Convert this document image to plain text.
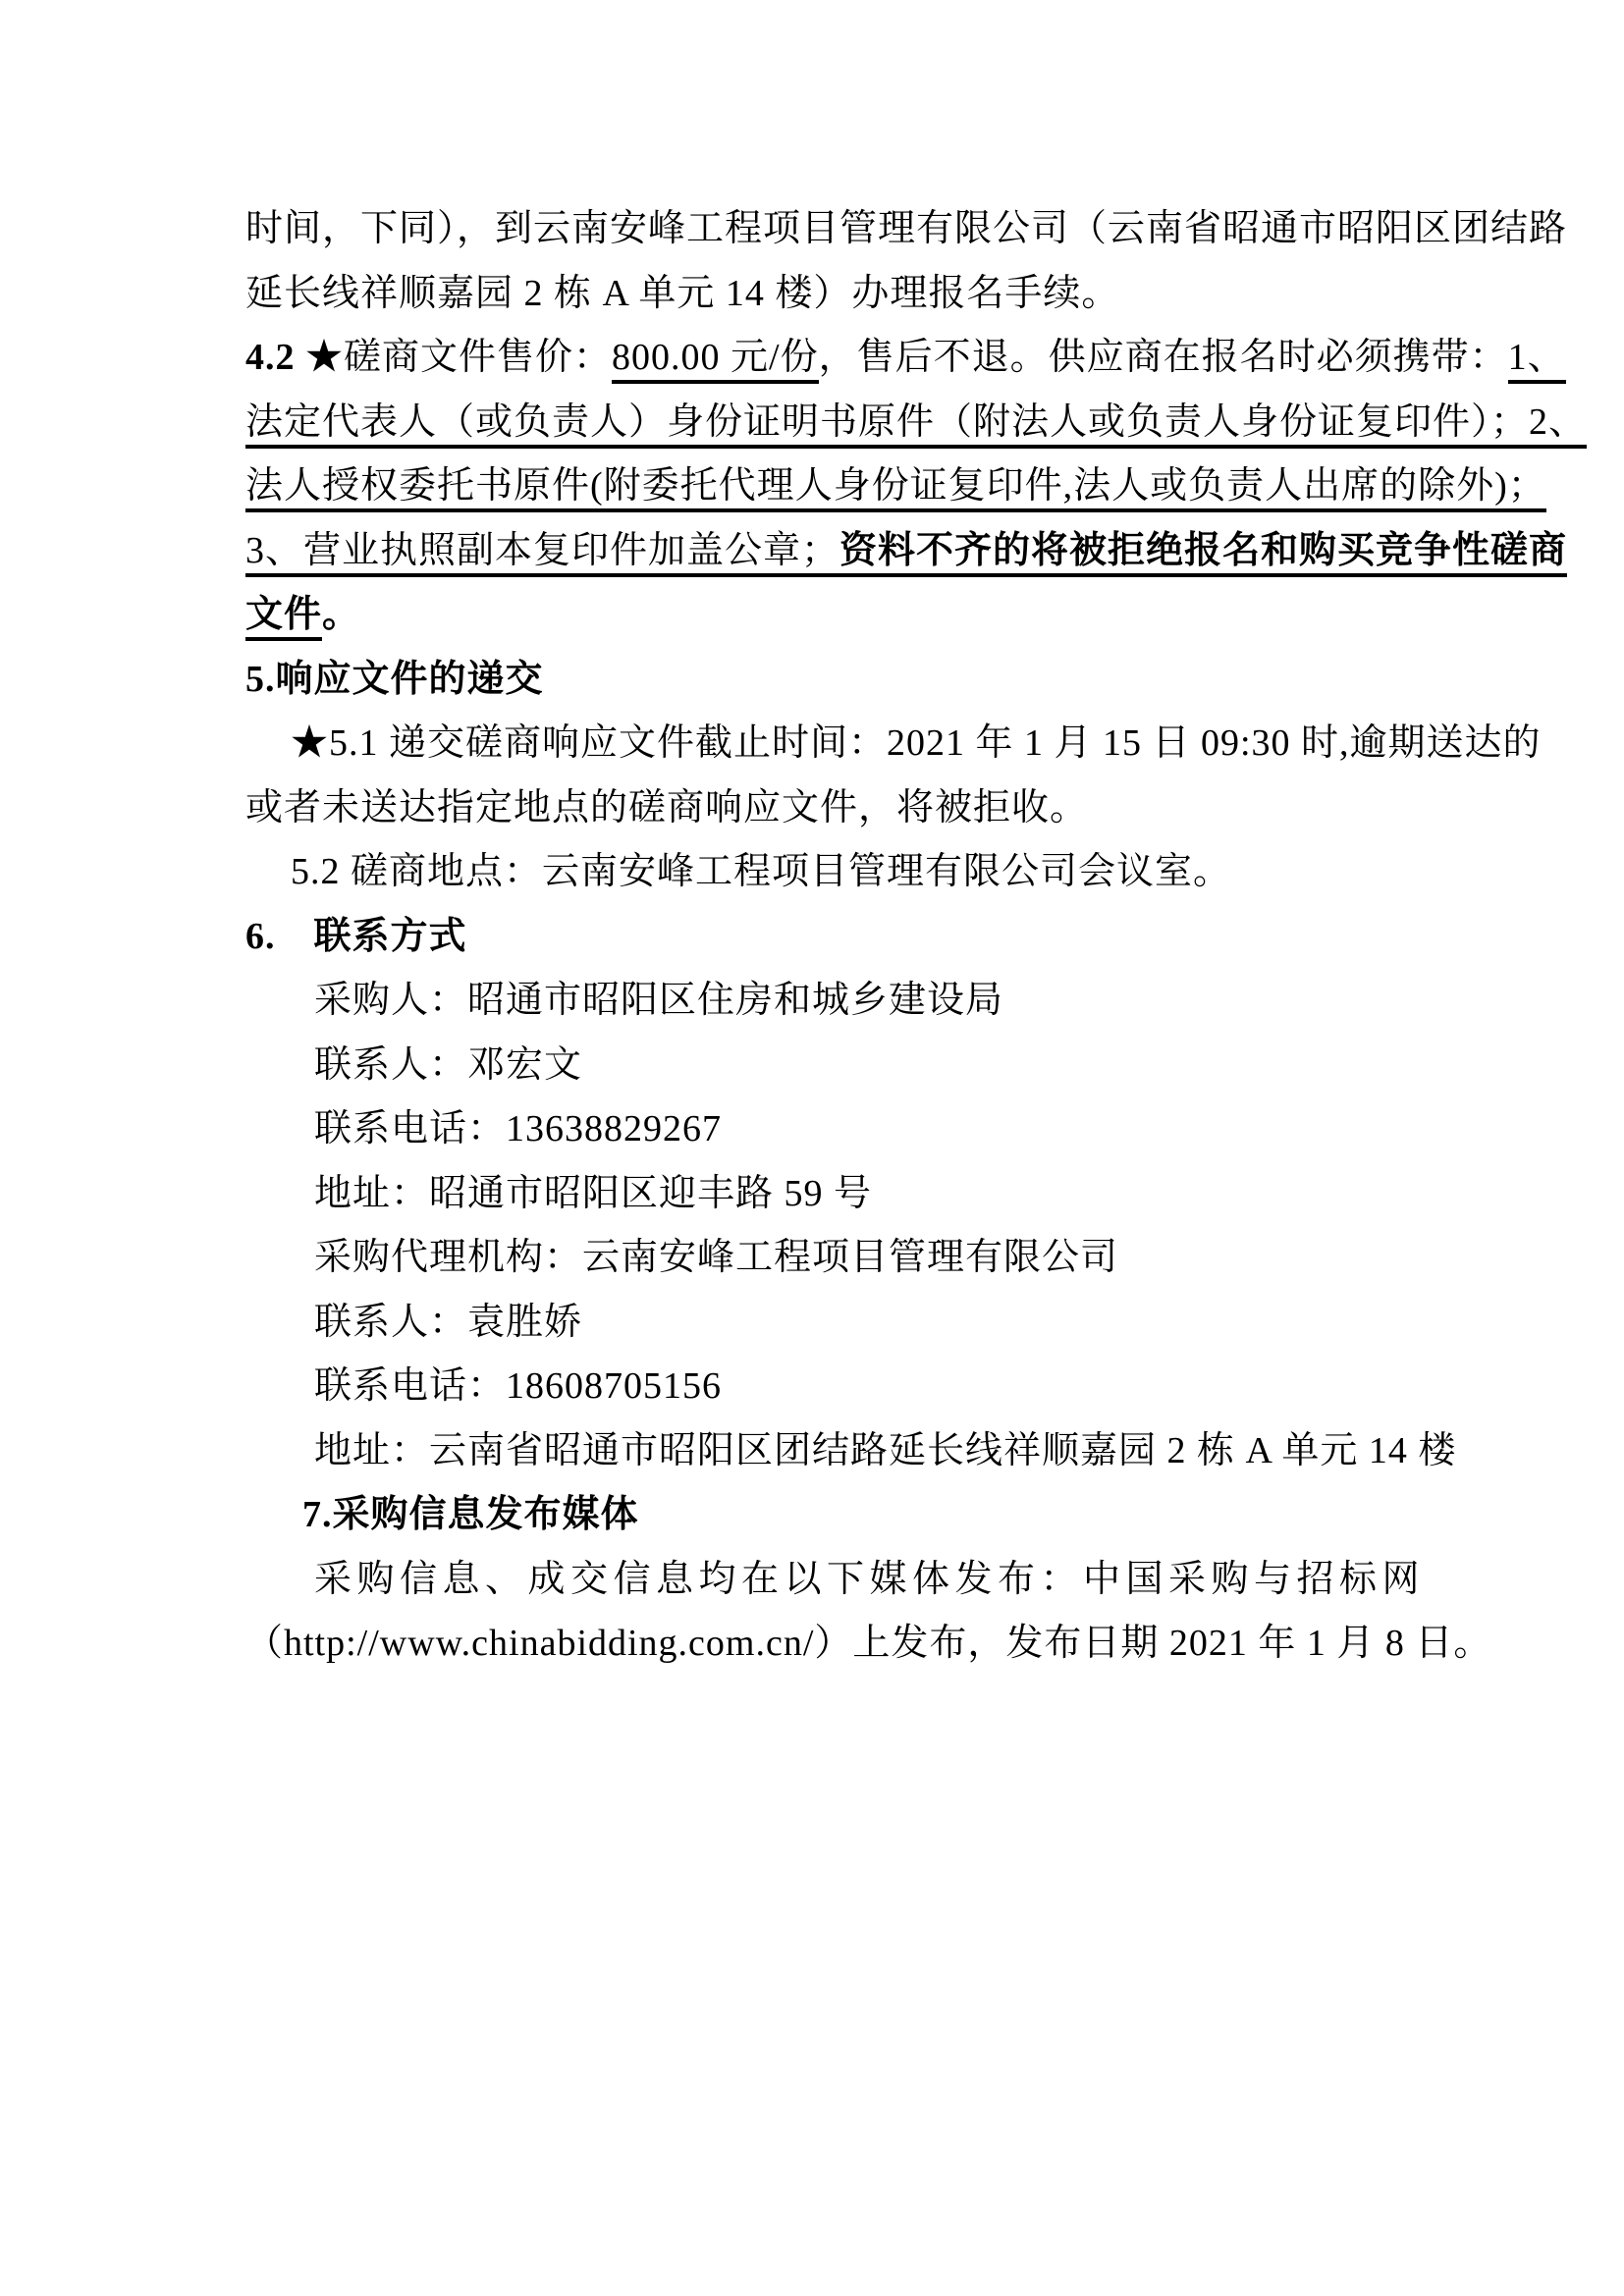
时间，下同），到云南安峰工程项目管理有限公司（云南省昭通市昭阳区团结路
延长线祥顺嘉园 2 栋 A 单元 14 楼）办理报名手续。
4.2 ★磋商文件售价：800.00 元/份，售后不退。供应商在报名时必须携带：1、
法定代表人（或负责人）身份证明书原件（附法人或负责人身份证复印件）；2、
法人授权委托书原件(附委托代理人身份证复印件,法人或负责人出席的除外)；
3、营业执照副本复印件加盖公章；资料不齐的将被拒绝报名和购买竞争性磋商
文件。
5.响应文件的递交
★5.1 递交磋商响应文件截止时间：2021 年 1 月 15 日 09:30 时,逾期送达的
或者未送达指定地点的磋商响应文件，将被拒收。
5.2 磋商地点：云南安峰工程项目管理有限公司会议室。
6.　联系方式
采购人：昭通市昭阳区住房和城乡建设局
联系人：邓宏文
联系电话：13638829267
地址：昭通市昭阳区迎丰路 59 号
采购代理机构：云南安峰工程项目管理有限公司
联系人：袁胜娇
联系电话：18608705156
地址：云南省昭通市昭阳区团结路延长线祥顺嘉园 2 栋 A 单元 14 楼
7.采购信息发布媒体
采购信息、成交信息均在以下媒体发布：中国采购与招标网
（http://www.chinabidding.com.cn/）上发布，发布日期 2021 年 1 月 8 日。
